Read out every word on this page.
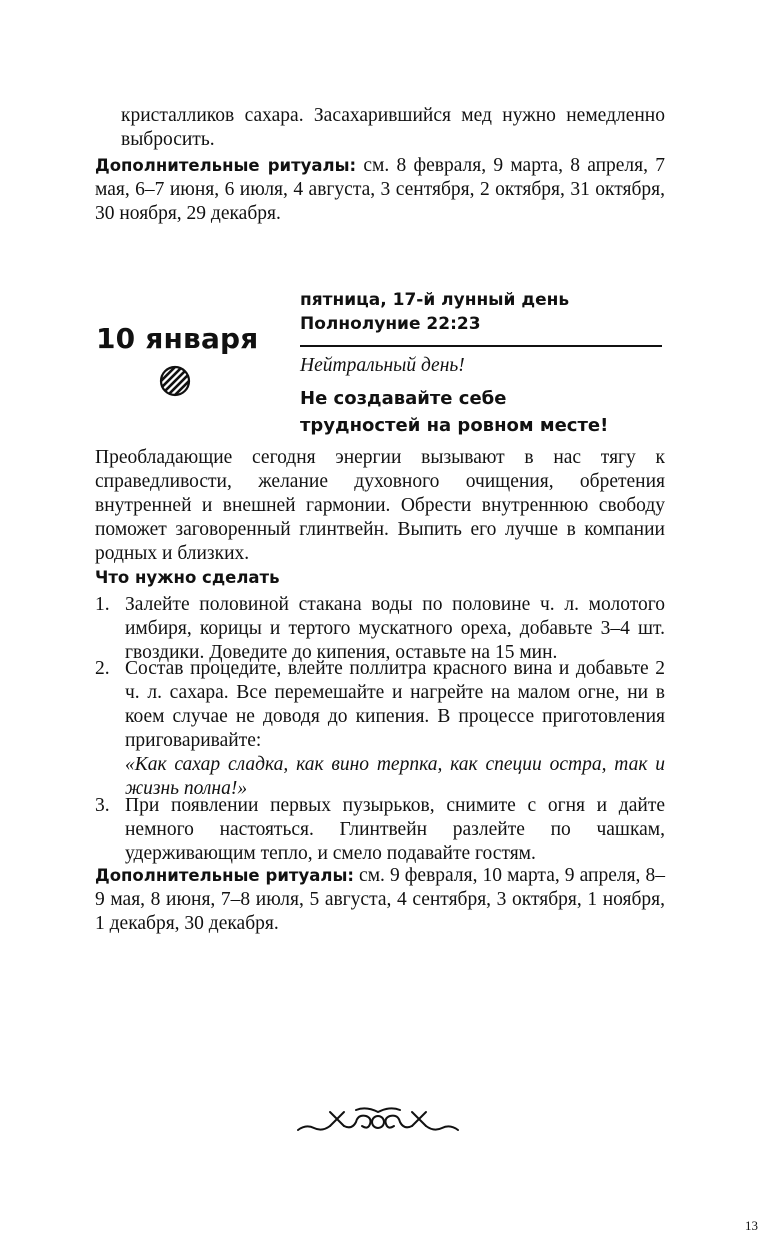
кристалликов сахара. Засахарившийся мед нужно немедленно выбросить.
Дополнительные ритуалы: см. 8 февраля, 9 марта, 8 апреля, 7 мая, 6–7 июня, 6 июля, 4 августа, 3 сентября, 2 октября, 31 октября, 30 ноября, 29 декабря.
10 января
пятница, 17-й лунный день
Полнолуние 22:23
Нейтральный день!
Не создавайте себе
трудностей на ровном месте!
Преобладающие сегодня энергии вызывают в нас тягу к справедливости, желание духовного очищения, обретения внутренней и внешней гармонии. Обрести внутреннюю свободу поможет заговоренный глинтвейн. Выпить его лучше в компании родных и близких.
Что нужно сделать
1. Залейте половиной стакана воды по половине ч. л. молотого имбиря, корицы и тертого мускатного ореха, добавьте 3–4 шт. гвоздики. Доведите до кипения, оставьте на 15 мин.
2. Состав процедите, влейте поллитра красного вина и добавьте 2 ч. л. сахара. Все перемешайте и нагрейте на малом огне, ни в коем случае не доводя до кипения. В процессе приготовления приговаривайте:
«Как сахар сладка, как вино терпка, как специи остра, так и жизнь полна!»
3. При появлении первых пузырьков, снимите с огня и дайте немного настояться. Глинтвейн разлейте по чашкам, удерживающим тепло, и смело подавайте гостям.
Дополнительные ритуалы: см. 9 февраля, 10 марта, 9 апреля, 8–9 мая, 8 июня, 7–8 июля, 5 августа, 4 сентября, 3 октября, 1 ноября, 1 декабря, 30 декабря.
13
